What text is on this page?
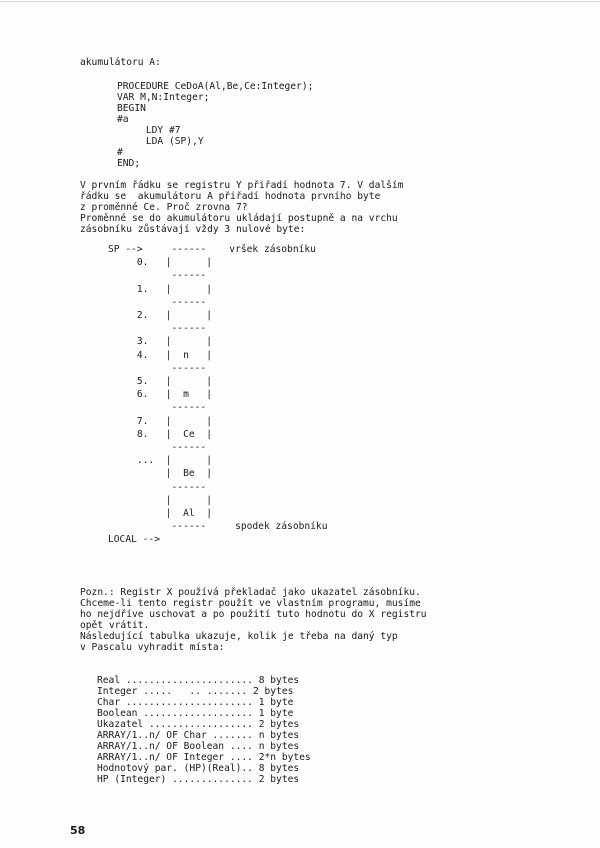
akumulátoru A:

PROCEDURE CeDoA(Al,Be,Ce:Integer);

VAR M,N:Integer;

BEGIN

#a

LDY #7

LDA (SP),Y

#

END;

V prvním řádku se registru Y přiřadí hodnota 7. V dalším

řádku se  akumulátoru A přiřadí hodnota prvního byte

z proměnné Ce. Proč zrovna 7?

Proměnné se do akumulátoru ukládají postupně a na vrchu

zásobníku zůstávají vždy 3 nulové byte:

SP -->     ------    vršek zásobníku

0.   |      |

------

1.   |      |

------

2.   |      |

------

3.   |      |

4.   |  n   |

------

5.   |      |

6.   |  m   |

------

7.   |      |

8.   |  Ce  |

------

...  |      |

|  Be  |

------

|      |

|  Al  |

------     spodek zásobníku

LOCAL -->

Pozn.: Registr X používá překladač jako ukazatel zásobníku.

Chceme-li tento registr použít ve vlastním programu, musíme

ho nejdříve uschovat a po použití tuto hodnotu do X registru

opět vrátit.

Následující tabulka ukazuje, kolik je třeba na daný typ

v Pascalu vyhradit místa:

Real ...................... 8 bytes

Integer .....   .. ....... 2 bytes

Char ...................... 1 byte

Boolean ................... 1 byte

Ukazatel .................. 2 bytes

ARRAY/1..n/ OF Char ....... n bytes

ARRAY/1..n/ OF Boolean .... n bytes

ARRAY/1..n/ OF Integer .... 2*n bytes

Hodnotový par. (HP)(Real).. 8 bytes

HP (Integer) .............. 2 bytes

58
